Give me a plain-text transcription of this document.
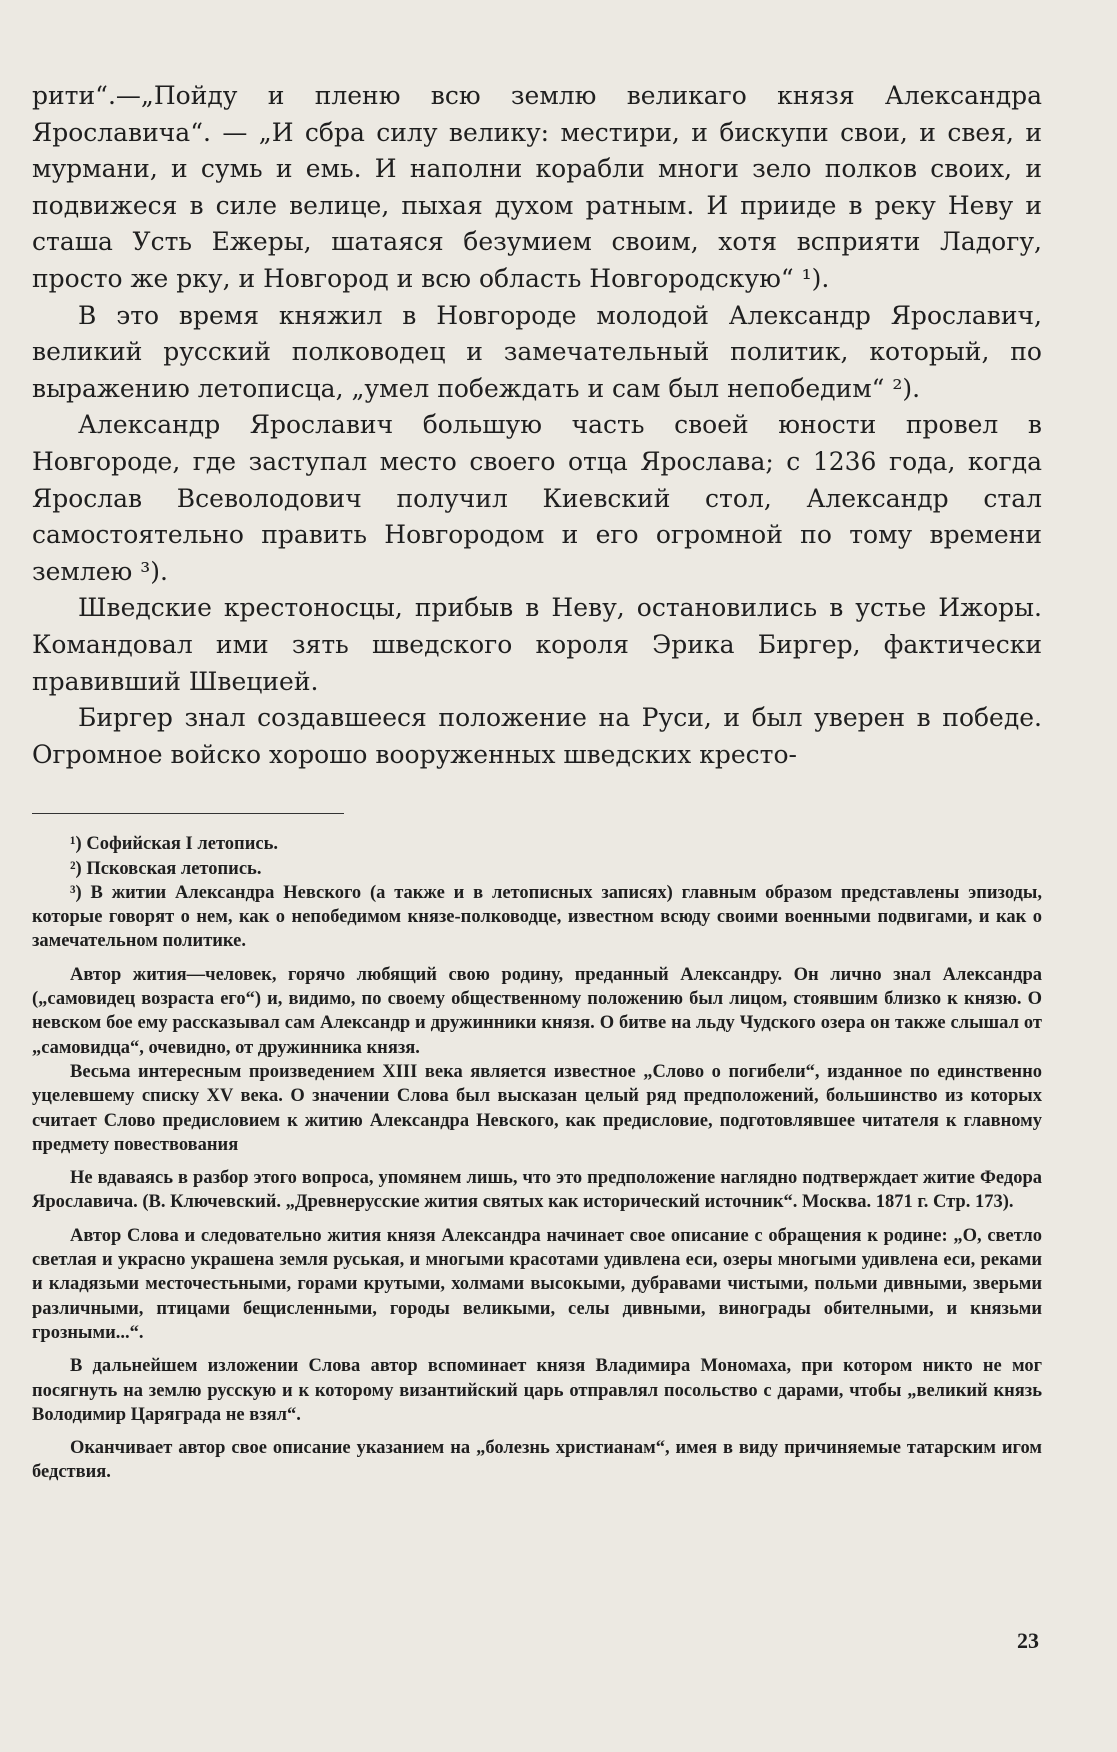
рити“.—„Пойду и пленю всю землю великаго князя Александра Ярославича“. — „И сбра силу велику: местири, и бискупи свои, и свея, и мурмани, и сумь и емь. И наполни корабли многи зело полков своих, и подвижеся в силе велице, пыхая духом ратным. И прииде в реку Неву и сташа Усть Ежеры, шатаяся безумием своим, хотя всприяти Ладогу, просто же рку, и Новгород и всю область Новгородскую“ ¹).

В это время княжил в Новгороде молодой Александр Ярославич, великий русский полководец и замечательный политик, который, по выражению летописца, „умел побеждать и сам был непобедим“ ²).

Александр Ярославич большую часть своей юности провел в Новгороде, где заступал место своего отца Ярослава; с 1236 года, когда Ярослав Всеволодович получил Киевский стол, Александр стал самостоятельно править Новгородом и его огромной по тому времени землею ³).

Шведские крестоносцы, прибыв в Неву, остановились в устье Ижоры. Командовал ими зять шведского короля Эрика Биргер, фактически правивший Швецией.

Биргер знал создавшееся положение на Руси, и был уверен в победе. Огромное войско хорошо вооруженных шведских кресто-

¹) Софийская I летопись.

²) Псковская летопись.

³) В житии Александра Невского (а также и в летописных записях) главным образом представлены эпизоды, которые говорят о нем, как о непобедимом князе-полководце, известном всюду своими военными подвигами, и как о замечательном политике.

Автор жития—человек, горячо любящий свою родину, преданный Александру. Он лично знал Александра („самовидец возраста его“) и, видимо, по своему общественному положению был лицом, стоявшим близко к князю. О невском бое ему рассказывал сам Александр и дружинники князя. О битве на льду Чудского озера он также слышал от „самовидца“, очевидно, от дружинника князя.

Весьма интересным произведением XIII века является известное „Слово о погибели“, изданное по единственно уцелевшему списку XV века. О значении Слова был высказан целый ряд предположений, большинство из которых считает Слово предисловием к житию Александра Невского, как предисловие, подготовлявшее читателя к главному предмету повествования

Не вдаваясь в разбор этого вопроса, упомянем лишь, что это предположение наглядно подтверждает житие Федора Ярославича. (В. Ключевский. „Древнерусские жития святых как исторический источник“. Москва. 1871 г. Стр. 173).

Автор Слова и следовательно жития князя Александра начинает свое описание с обращения к родине: „О, светло светлая и украсно украшена земля руськая, и многыми красотами удивлена еси, озеры многыми удивлена еси, реками и кладязьми месточестьными, горами крутыми, холмами высокыми, дубравами чистыми, польми дивными, зверьми различными, птицами бещисленными, городы великыми, селы дивными, винограды обителными, и князьми грозными...“.

В дальнейшем изложении Слова автор вспоминает князя Владимира Мономаха, при котором никто не мог посягнуть на землю русскую и к которому византийский царь отправлял посольство с дарами, чтобы „великий князь Володимир Царяграда не взял“.

Оканчивает автор свое описание указанием на „болезнь христианам“, имея в виду причиняемые татарским игом бедствия.

23
